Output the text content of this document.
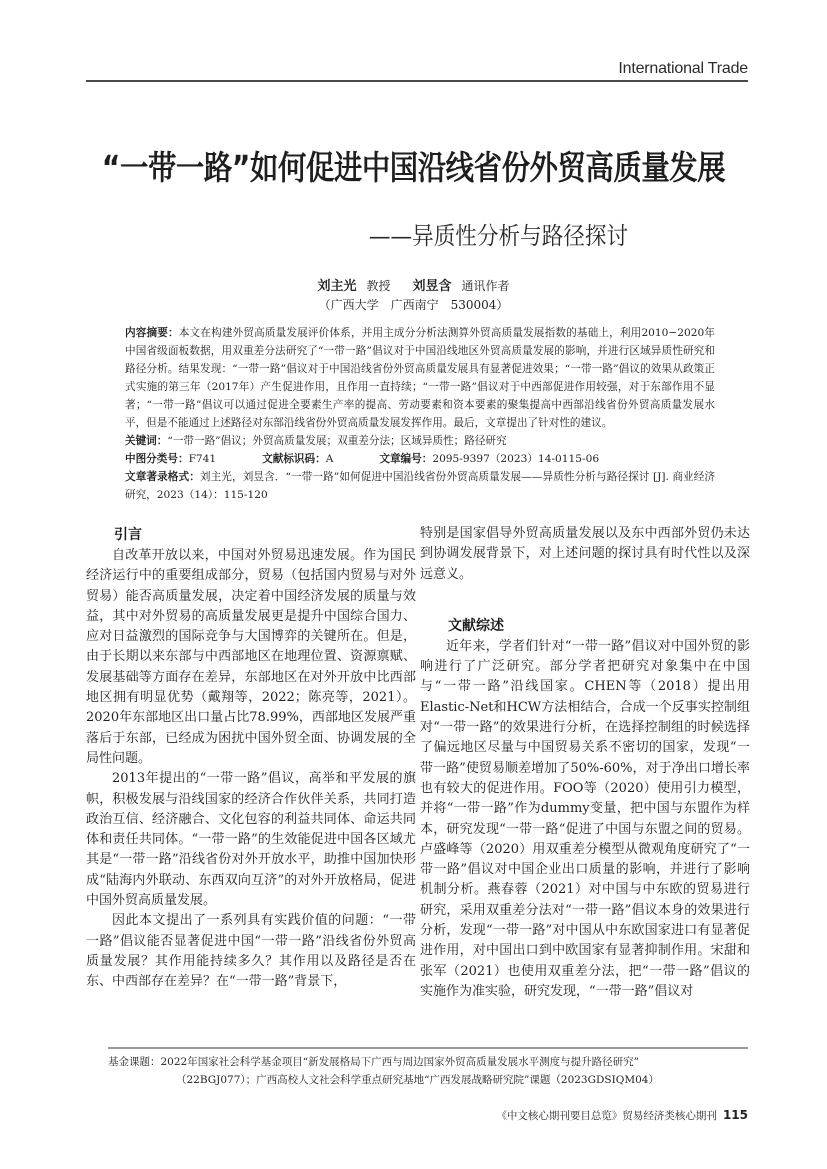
International Trade
“一带一路”如何促进中国沿线省份外贸高质量发展
——异质性分析与路径探讨
刘主光 教授 刘昱含 通讯作者
（广西大学　广西南宁　530004）

内容摘要：本文在构建外贸高质量发展评价体系，并用主成分分析法测算外贸高质量发展指数的基础上，利用2010−2020年中国省级面板数据，用双重差分法研究了“一带一路”倡议对于中国沿线地区外贸高质量发展的影响，并进行区域异质性研究和路径分析。结果发现：“一带一路”倡议对于中国沿线省份外贸高质量发展具有显著促进效果；“一带一路”倡议的效果从政策正式实施的第三年（2017年）产生促进作用，且作用一直持续；“一带一路”倡议对于中西部促进作用较强，对于东部作用不显著；“一带一路”倡议可以通过促进全要素生产率的提高、劳动要素和资本要素的聚集提高中西部沿线省份外贸高质量发展水平，但是不能通过上述路径对东部沿线省份外贸高质量发展发挥作用。最后，文章提出了针对性的建议。

关键词：“一带一路”倡议；外贸高质量发展；双重差分法；区域异质性；路径研究

中图分类号：F741	文献标识码：A	文章编号：2095-9397（2023）14-0115-06

文章著录格式：刘主光，刘昱含．“一带一路”如何促进中国沿线省份外贸高质量发展——异质性分析与路径探讨 [J]. 商业经济研究，2023（14）：115-120

引言

自改革开放以来，中国对外贸易迅速发展。作为国民经济运行中的重要组成部分，贸易（包括国内贸易与对外贸易）能否高质量发展，决定着中国经济发展的质量与效益，其中对外贸易的高质量发展更是提升中国综合国力、应对日益激烈的国际竞争与大国博弈的关键所在。但是，由于长期以来东部与中西部地区在地理位置、资源禀赋、发展基础等方面存在差异，东部地区在对外开放中比西部地区拥有明显优势（戴翔等，2022；陈亮等，2021）。2020年东部地区出口量占比78.99%，西部地区发展严重落后于东部，已经成为困扰中国外贸全面、协调发展的全局性问题。

2013年提出的“一带一路”倡议，高举和平发展的旗帜，积极发展与沿线国家的经济合作伙伴关系，共同打造政治互信、经济融合、文化包容的利益共同体、命运共同体和责任共同体。“一带一路”的生效能促进中国各区域尤其是“一带一路”沿线省份对外开放水平，助推中国加快形成“陆海内外联动、东西双向互济”的对外开放格局，促进中国外贸高质量发展。

因此本文提出了一系列具有实践价值的问题：“一带一路”倡议能否显著促进中国“一带一路”沿线省份外贸高质量发展？其作用能持续多久？其作用以及路径是否在东、中西部存在差异？在“一带一路”背景下，

特别是国家倡导外贸高质量发展以及东中西部外贸仍未达到协调发展背景下，对上述问题的探讨具有时代性以及深远意义。

文献综述

近年来，学者们针对“一带一路”倡议对中国外贸的影响进行了广泛研究。部分学者把研究对象集中在中国与“一带一路”沿线国家。CHEN等（2018）提出用Elastic-Net和HCW方法相结合，合成一个反事实控制组对“一带一路”的效果进行分析，在选择控制组的时候选择了偏远地区尽量与中国贸易关系不密切的国家，发现“一带一路”使贸易顺差增加了50%-60%，对于净出口增长率也有较大的促进作用。FOO等（2020）使用引力模型，并将“一带一路”作为dummy变量，把中国与东盟作为样本，研究发现“一带一路“促进了中国与东盟之间的贸易。卢盛峰等（2020）用双重差分模型从微观角度研究了“一带一路”倡议对中国企业出口质量的影响，并进行了影响机制分析。燕春蓉（2021）对中国与中东欧的贸易进行研究，采用双重差分法对“一带一路”倡议本身的效果进行分析，发现“一带一路”对中国从中东欧国家进口有显著促进作用，对中国出口到中欧国家有显著抑制作用。宋甜和张军（2021）也使用双重差分法，把“一带一路”倡议的实施作为准实验，研究发现，“一带一路”倡议对

基金课题：2022年国家社会科学基金项目“新发展格局下广西与周边国家外贸高质量发展水平测度与提升路径研究”

（22BGJ077）；广西高校人文社会科学重点研究基地“广西发展战略研究院”课题（2023GDSIQM04）

《中文核心期刊要目总览》贸易经济类核心期刊 115
